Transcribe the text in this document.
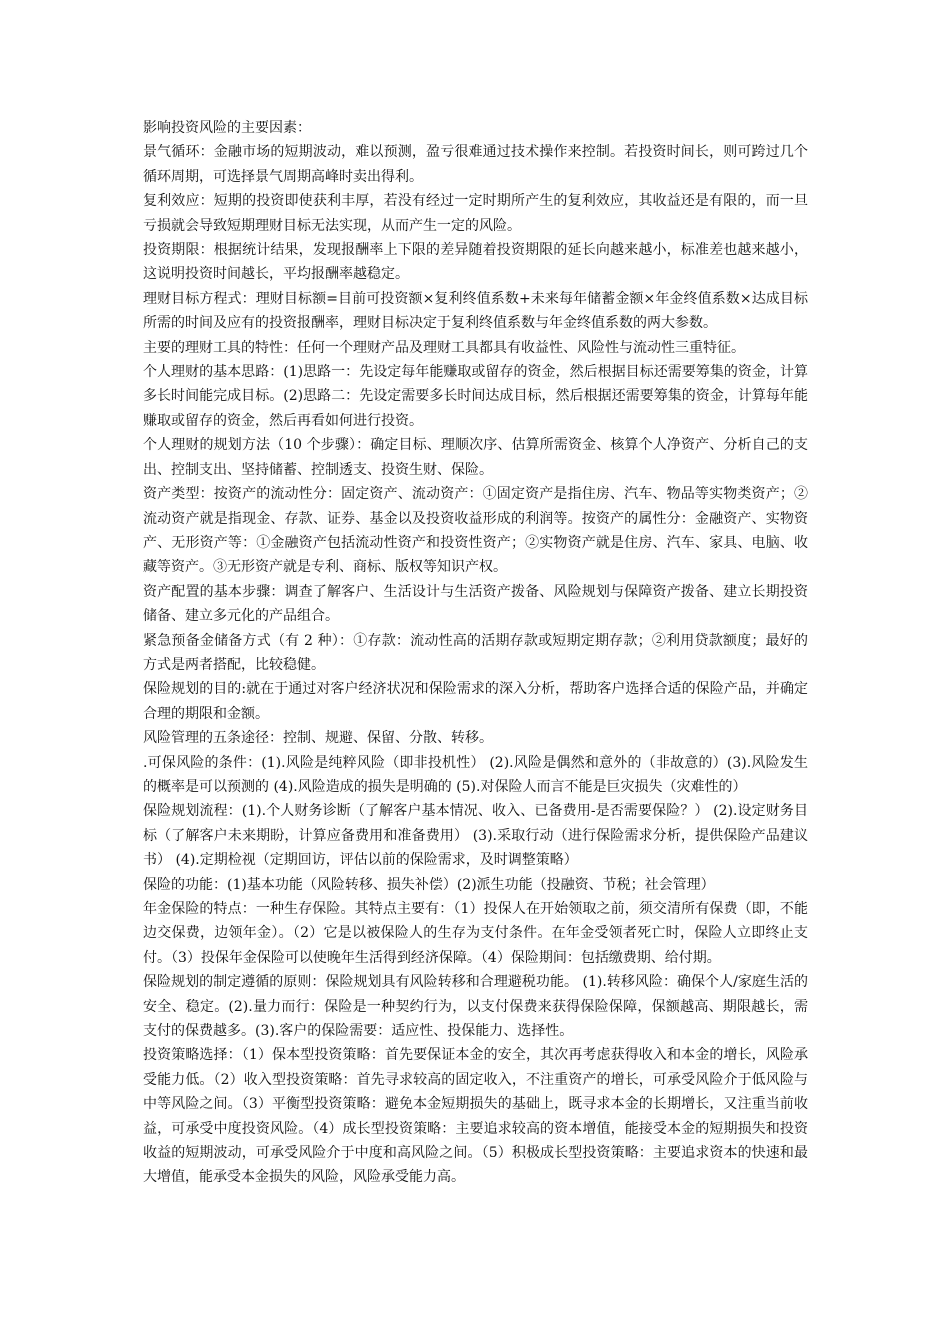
影响投资风险的主要因素：

景气循环：金融市场的短期波动，难以预测，盈亏很难通过技术操作来控制。若投资时间长，则可跨过几个循环周期，可选择景气周期高峰时卖出得利。

复利效应：短期的投资即使获利丰厚，若没有经过一定时期所产生的复利效应，其收益还是有限的，而一旦亏损就会导致短期理财目标无法实现，从而产生一定的风险。

投资期限：根据统计结果，发现报酬率上下限的差异随着投资期限的延长向越来越小，标准差也越来越小，这说明投资时间越长，平均报酬率越稳定。

理财目标方程式：理财目标额=目前可投资额×复利终值系数+未来每年储蓄金额×年金终值系数×达成目标所需的时间及应有的投资报酬率，理财目标决定于复利终值系数与年金终值系数的两大参数。

主要的理财工具的特性：任何一个理财产品及理财工具都具有收益性、风险性与流动性三重特征。

个人理财的基本思路：(1)思路一：先设定每年能赚取或留存的资金，然后根据目标还需要筹集的资金，计算多长时间能完成目标。(2)思路二：先设定需要多长时间达成目标，然后根据还需要筹集的资金，计算每年能赚取或留存的资金，然后再看如何进行投资。

个人理财的规划方法（10 个步骤）：确定目标、理顺次序、估算所需资金、核算个人净资产、分析自己的支出、控制支出、坚持储蓄、控制透支、投资生财、保险。

资产类型：按资产的流动性分：固定资产、流动资产：①固定资产是指住房、汽车、物品等实物类资产；②流动资产就是指现金、存款、证券、基金以及投资收益形成的利润等。按资产的属性分：金融资产、实物资产、无形资产等：①金融资产包括流动性资产和投资性资产；②实物资产就是住房、汽车、家具、电脑、收藏等资产。③无形资产就是专利、商标、版权等知识产权。

资产配置的基本步骤：调查了解客户、生活设计与生活资产拨备、风险规划与保障资产拨备、建立长期投资储备、建立多元化的产品组合。

紧急预备金储备方式（有 2 种）：①存款：流动性高的活期存款或短期定期存款；②利用贷款额度；最好的方式是两者搭配，比较稳健。

保险规划的目的:就在于通过对客户经济状况和保险需求的深入分析，帮助客户选择合适的保险产品，并确定合理的期限和金额。

风险管理的五条途径：控制、规避、保留、分散、转移。

.可保风险的条件：(1).风险是纯粹风险（即非投机性） (2).风险是偶然和意外的（非故意的）(3).风险发生的概率是可以预测的 (4).风险造成的损失是明确的 (5).对保险人而言不能是巨灾损失（灾难性的）

保险规划流程：(1).个人财务诊断（了解客户基本情况、收入、已备费用-是否需要保险？） (2).设定财务目标（了解客户未来期盼，计算应备费用和准备费用） (3).采取行动（进行保险需求分析，提供保险产品建议书） (4).定期检视（定期回访，评估以前的保险需求，及时调整策略）

保险的功能：(1)基本功能（风险转移、损失补偿）(2)派生功能（投融资、节税；社会管理）

年金保险的特点：一种生存保险。其特点主要有：（1）投保人在开始领取之前，须交清所有保费（即，不能边交保费，边领年金）。（2）它是以被保险人的生存为支付条件。在年金受领者死亡时，保险人立即终止支付。（3）投保年金保险可以使晚年生活得到经济保障。（4）保险期间：包括缴费期、给付期。

保险规划的制定遵循的原则：保险规划具有风险转移和合理避税功能。 (1).转移风险：确保个人/家庭生活的安全、稳定。(2).量力而行：保险是一种契约行为，以支付保费来获得保险保障，保额越高、期限越长，需支付的保费越多。(3).客户的保险需要：适应性、投保能力、选择性。

投资策略选择：（1）保本型投资策略：首先要保证本金的安全，其次再考虑获得收入和本金的增长，风险承受能力低。（2）收入型投资策略：首先寻求较高的固定收入，不注重资产的增长，可承受风险介于低风险与中等风险之间。（3）平衡型投资策略：避免本金短期损失的基础上，既寻求本金的长期增长，又注重当前收益，可承受中度投资风险。（4）成长型投资策略：主要追求较高的资本增值，能接受本金的短期损失和投资收益的短期波动，可承受风险介于中度和高风险之间。（5）积极成长型投资策略：主要追求资本的快速和最大增值，能承受本金损失的风险，风险承受能力高。
